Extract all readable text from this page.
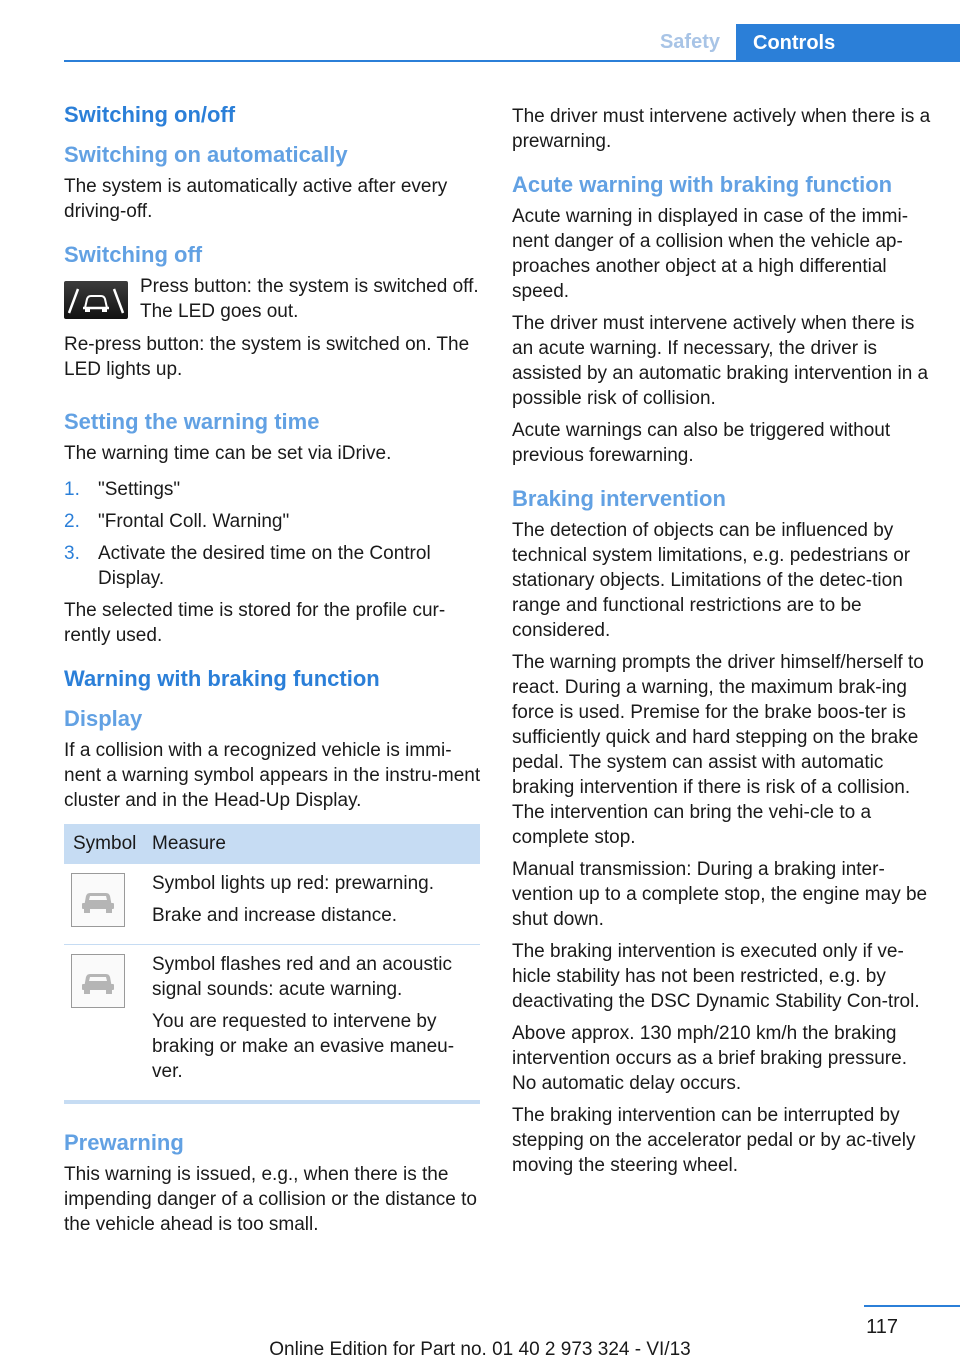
Safety	Controls
Switching on/off
Switching on automatically

The system is automatically active after every driving-off.

Switching off

Press button: the system is switched off. The LED goes out.

Re-press button: the system is switched on. The LED lights up.

Setting the warning time

The warning time can be set via iDrive.

1. "Settings"
2. "Frontal Coll. Warning"
3. Activate the desired time on the Control Display.

The selected time is stored for the profile cur‐rently used.

Warning with braking function
Display

If a collision with a recognized vehicle is immi‐nent a warning symbol appears in the instru‐ment cluster and in the Head-Up Display.

Symbol Measure

Symbol lights up red: prewarning.

Brake and increase distance.

Symbol flashes red and an acoustic signal sounds: acute warning.

You are requested to intervene by braking or make an evasive maneu‐ver.

Prewarning

This warning is issued, e.g., when there is the impending danger of a collision or the distance to the vehicle ahead is too small.

The driver must intervene actively when there is a prewarning.

Acute warning with braking function

Acute warning in displayed in case of the immi‐nent danger of a collision when the vehicle ap‐proaches another object at a high differential speed.

The driver must intervene actively when there is an acute warning. If necessary, the driver is assisted by an automatic braking intervention in a possible risk of collision.

Acute warnings can also be triggered without previous forewarning.

Braking intervention

The detection of objects can be influenced by technical system limitations, e.g. pedestrians or stationary objects. Limitations of the detec‐tion range and functional restrictions are to be considered.

The warning prompts the driver himself/herself to react. During a warning, the maximum brak‐ing force is used. Premise for the brake boos‐ter is sufficiently quick and hard stepping on the brake pedal. The system can assist with automatic braking intervention if there is risk of a collision. The intervention can bring the vehi‐cle to a complete stop.

Manual transmission: During a braking inter‐vention up to a complete stop, the engine may be shut down.

The braking intervention is executed only if ve‐hicle stability has not been restricted, e.g. by deactivating the DSC Dynamic Stability Con‐trol.

Above approx. 130 mph/210 km/h the braking intervention occurs as a brief braking pressure. No automatic delay occurs.

The braking intervention can be interrupted by stepping on the accelerator pedal or by ac‐tively moving the steering wheel.

117
Online Edition for Part no. 01 40 2 973 324 - VI/13
